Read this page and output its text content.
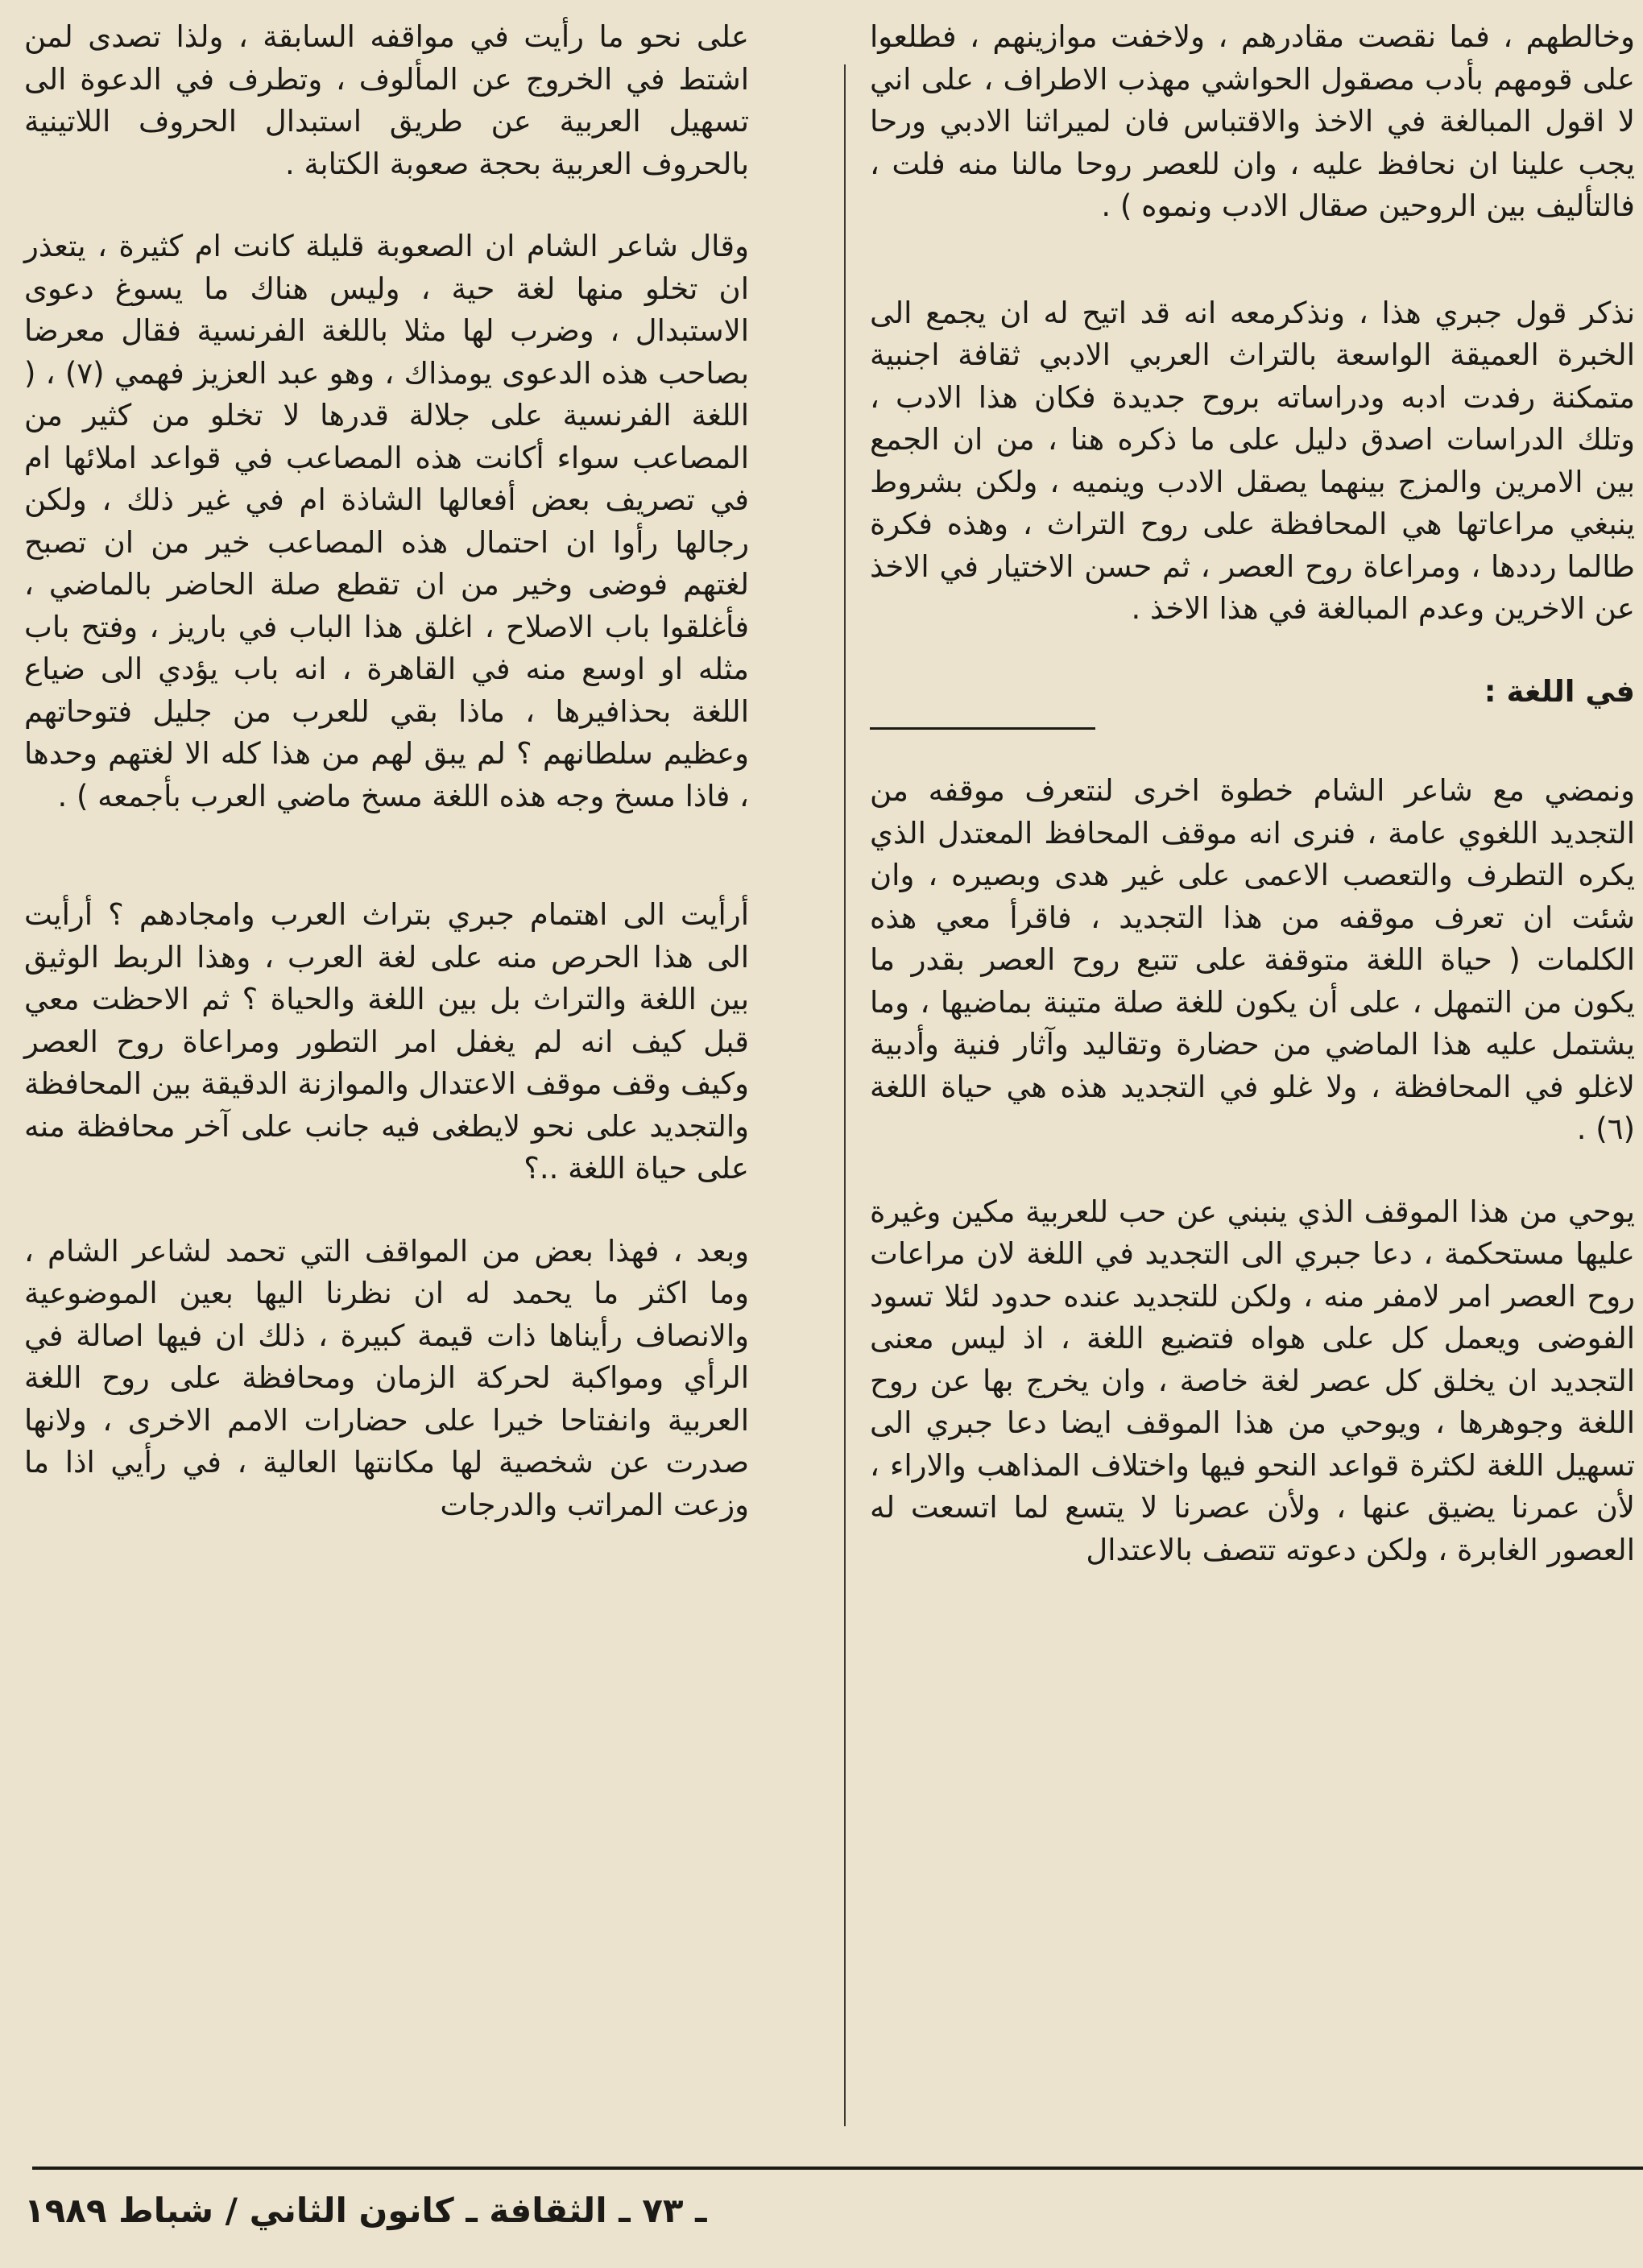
وخالطهم ، فما نقصت مقادرهم ، ولاخفت موازينهم ، فطلعوا على قومهم بأدب مصقول الحواشي مهذب الاطراف ، على اني لا اقول المبالغة في الاخذ والاقتباس فان لميراثنا الادبي ورحا يجب علينا ان نحافظ عليه ، وان للعصر روحا مالنا منه فلت ، فالتأليف بين الروحين صقال الادب ونموه ) .

نذكر قول جبري هذا ، ونذكرمعه انه قد اتيح له ان يجمع الى الخبرة العميقة الواسعة بالتراث العربي الادبي ثقافة اجنبية متمكنة رفدت ادبه ودراساته بروح جديدة فكان هذا الادب ، وتلك الدراسات اصدق دليل على ما ذكره هنا ، من ان الجمع بين الامرين والمزج بينهما يصقل الادب وينميه ، ولكن بشروط ينبغي مراعاتها هي المحافظة على روح التراث ، وهذه فكرة طالما رددها ، ومراعاة روح العصر ، ثم حسن الاختيار في الاخذ عن الاخرين وعدم المبالغة في هذا الاخذ .

في اللغة :

ونمضي مع شاعر الشام خطوة اخرى لنتعرف موقفه من التجديد اللغوي عامة ، فنرى انه موقف المحافظ المعتدل الذي يكره التطرف والتعصب الاعمى على غير هدى وبصيره ، وان شئت ان تعرف موقفه من هذا التجديد ، فاقرأ معي هذه الكلمات ( حياة اللغة متوقفة على تتبع روح العصر بقدر ما يكون من التمهل ، على أن يكون للغة صلة متينة بماضيها ، وما يشتمل عليه هذا الماضي من حضارة وتقاليد وآثار فنية وأدبية لاغلو في المحافظة ، ولا غلو في التجديد هذه هي حياة اللغة (٦) .

يوحي من هذا الموقف الذي ينبني عن حب للعربية مكين وغيرة عليها مستحكمة ، دعا جبري الى التجديد في اللغة لان مراعات روح العصر امر لامفر منه ، ولكن للتجديد عنده حدود لئلا تسود الفوضى ويعمل كل على هواه فتضيع اللغة ، اذ ليس معنى التجديد ان يخلق كل عصر لغة خاصة ، وان يخرج بها عن روح اللغة وجوهرها ، ويوحي من هذا الموقف ايضا دعا جبري الى تسهيل اللغة لكثرة قواعد النحو فيها واختلاف المذاهب والاراء ، لأن عمرنا يضيق عنها ، ولأن عصرنا لا يتسع لما اتسعت له العصور الغابرة ، ولكن دعوته تتصف بالاعتدال

على نحو ما رأيت في مواقفه السابقة ، ولذا تصدى لمن اشتط في الخروج عن المألوف ، وتطرف في الدعوة الى تسهيل العربية عن طريق استبدال الحروف اللاتينية بالحروف العربية بحجة صعوبة الكتابة .

وقال شاعر الشام ان الصعوبة قليلة كانت ام كثيرة ، يتعذر ان تخلو منها لغة حية ، وليس هناك ما يسوغ دعوى الاستبدال ، وضرب لها مثلا باللغة الفرنسية فقال معرضا بصاحب هذه الدعوى يومذاك ، وهو عبد العزيز فهمي (٧) ، ( اللغة الفرنسية على جلالة قدرها لا تخلو من كثير من المصاعب سواء أكانت هذه المصاعب في قواعد املائها ام في تصريف بعض أفعالها الشاذة ام في غير ذلك ، ولكن رجالها رأوا ان احتمال هذه المصاعب خير من ان تصبح لغتهم فوضى وخير من ان تقطع صلة الحاضر بالماضي ، فأغلقوا باب الاصلاح ، اغلق هذا الباب في باريز ، وفتح باب مثله او اوسع منه في القاهرة ، انه باب يؤدي الى ضياع اللغة بحذافيرها ، ماذا بقي للعرب من جليل فتوحاتهم وعظيم سلطانهم ؟ لم يبق لهم من هذا كله الا لغتهم وحدها ، فاذا مسخ وجه هذه اللغة مسخ ماضي العرب بأجمعه ) .

أرأيت الى اهتمام جبري بتراث العرب وامجادهم ؟ أرأيت الى هذا الحرص منه على لغة العرب ، وهذا الربط الوثيق بين اللغة والتراث بل بين اللغة والحياة ؟ ثم الاحظت معي قبل كيف انه لم يغفل امر التطور ومراعاة روح العصر وكيف وقف موقف الاعتدال والموازنة الدقيقة بين المحافظة والتجديد على نحو لايطغى فيه جانب على آخر محافظة منه على حياة اللغة ..؟

وبعد ، فهذا بعض من المواقف التي تحمد لشاعر الشام ، وما اكثر ما يحمد له ان نظرنا اليها بعين الموضوعية والانصاف رأيناها ذات قيمة كبيرة ، ذلك ان فيها اصالة في الرأي ومواكبة لحركة الزمان ومحافظة على روح اللغة العربية وانفتاحا خيرا على حضارات الامم الاخرى ، ولانها صدرت عن شخصية لها مكانتها العالية ، في رأيي اذا ما وزعت المراتب والدرجات

ـ ٧٣ ـ الثقافة ـ كانون الثاني / شباط ١٩٨٩
